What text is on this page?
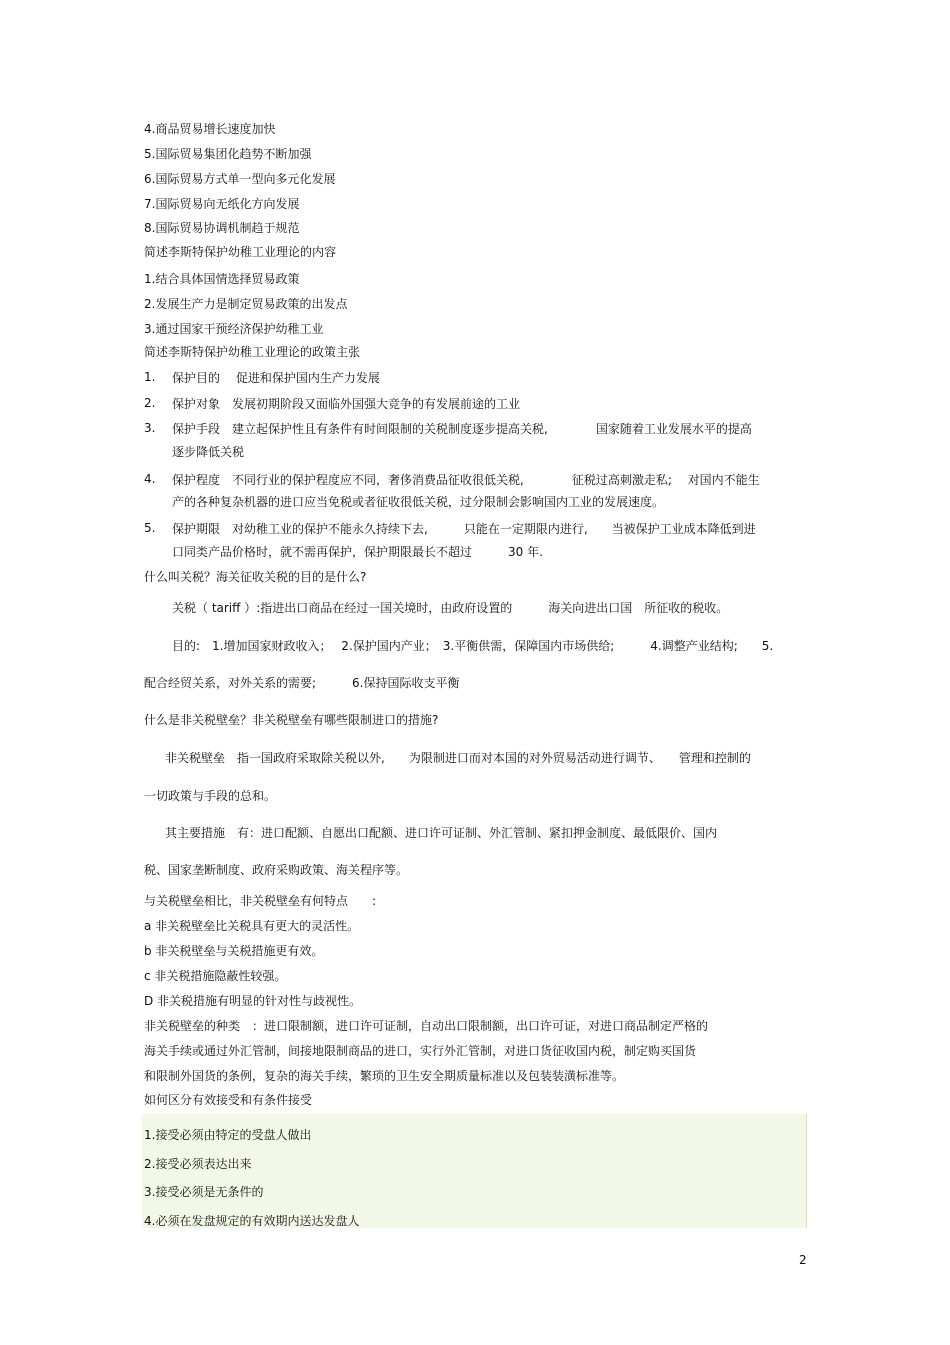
4.商品贸易增长速度加快
5.国际贸易集团化趋势不断加强
6.国际贸易方式单一型向多元化发展
7.国际贸易向无纸化方向发展
8.国际贸易协调机制趋于规范
简述李斯特保护幼稚工业理论的内容
1.结合具体国情选择贸易政策
2.发展生产力是制定贸易政策的出发点
3.通过国家干预经济保护幼稚工业
简述李斯特保护幼稚工业理论的政策主张
1. 保护目的　 促进和保护国内生产力发展
2. 保护对象　发展初期阶段又面临外国强大竞争的有发展前途的工业
3. 保护手段　建立起保护性且有条件有时间限制的关税制度逐步提高关税,　　　　国家随着工业发展水平的提高
逐步降低关税
4. 保护程度　不同行业的保护程度应不同，奢侈消费品征收很低关税,　　　　征税过高刺激走私;　 对国内不能生
产的各种复杂机器的进口应当免税或者征收很低关税，过分限制会影响国内工业的发展速度。
5. 保护期限　对幼稚工业的保护不能永久持续下去,　　　只能在一定期限内进行,　　当被保护工业成本降低到进
口同类产品价格时，就不需再保护，保护期限最长不超过　　　30 年.
什么叫关税？海关征收关税的目的是什么?
关税（ tariff ）:指进出口商品在经过一国关境时，由政府设置的　　　海关向进出口国　所征收的税收。
目的:　1.增加国家财政收入；　 2.保护国内产业；　3.平衡供需，保障国内市场供给;　　　4.调整产业结构;　　5.
配合经贸关系，对外关系的需要;　　　6.保持国际收支平衡
什么是非关税壁垒？非关税壁垒有哪些限制进口的措施?
非关税壁垒　指一国政府采取除关税以外,　　为限制进口而对本国的对外贸易活动进行调节、　　管理和控制的
一切政策与手段的总和。
其主要措施　有：进口配额、自愿出口配额、进口许可证制、外汇管制、紧扣押金制度、最低限价、国内
税、国家垄断制度、政府采购政策、海关程序等。
与关税壁垒相比，非关税壁垒有何特点　　:
a 非关税壁垒比关税具有更大的灵活性。
b 非关税壁垒与关税措施更有效。
c 非关税措施隐蔽性较强。
D 非关税措施有明显的针对性与歧视性。
非关税壁垒的种类　：进口限制额，进口许可证制，自动出口限制额，出口许可证，对进口商品制定严格的
海关手续或通过外汇管制，间接地限制商品的进口，实行外汇管制，对进口货征收国内税，制定购买国货
和限制外国货的条例，复杂的海关手续，繁琐的卫生安全期质量标准以及包装装潢标准等。
如何区分有效接受和有条件接受
1.接受必须由特定的受盘人做出
2.接受必须表达出来
3.接受必须是无条件的
4.必须在发盘规定的有效期内送达发盘人
2
